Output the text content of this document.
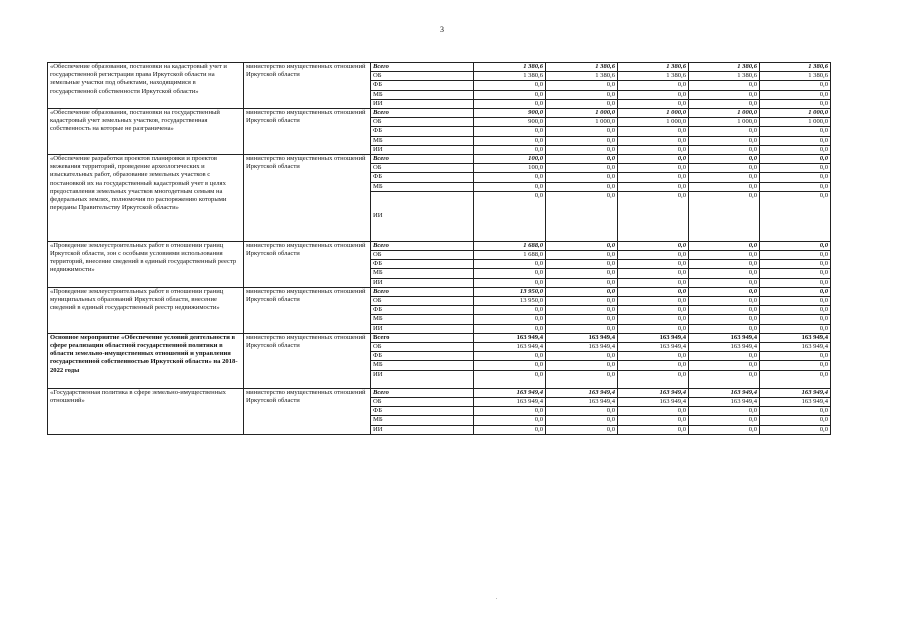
3
«Обеспечение образования, постановки на кадастровый учет и государственной регистрации права Иркутской области на земельные участки под объектами, находящимися в государственной собственности Иркутской области»	министерство имущественных отношений Иркутской области	Всего	1 380,6	1 380,6	1 380,6	1 380,6	1 380,6
		ОБ	1 380,6	1 380,6	1 380,6	1 380,6	1 380,6
		ФБ	0,0	0,0	0,0	0,0	0,0
		МБ	0,0	0,0	0,0	0,0	0,0
		ИИ	0,0	0,0	0,0	0,0	0,0
«Обеспечение образования, постановки на государственный кадастровый учет земельных участков, государственная собственность на которые не разграничена»	министерство имущественных отношений Иркутской области	Всего	900,0	1 000,0	1 000,0	1 000,0	1 000,0
		ОБ	900,0	1 000,0	1 000,0	1 000,0	1 000,0
		ФБ	0,0	0,0	0,0	0,0	0,0
		МБ	0,0	0,0	0,0	0,0	0,0
		ИИ	0,0	0,0	0,0	0,0	0,0
«Обеспечение разработки проектов планировки и проектов межевания территорий, проведение археологических и изыскательных работ, образование земельных участков с постановкой их на государственный кадастровый учет в целях предоставления земельных участков многодетным семьям на федеральных землях, полномочия по распоряжению которыми переданы Правительству Иркутской области»	министерство имущественных отношений Иркутской области	Всего	100,0	0,0	0,0	0,0	0,0
		ОБ	100,0	0,0	0,0	0,0	0,0
		ФБ	0,0	0,0	0,0	0,0	0,0
		МБ	0,0	0,0	0,0	0,0	0,0
		ИИ	0,0	0,0	0,0	0,0	0,0
«Проведение землеустроительных работ в отношении границ Иркутской области, зон с особыми условиями использования территорий, внесение сведений в единый государственный реестр недвижимости»	министерство имущественных отношений Иркутской области	Всего	1 688,0	0,0	0,0	0,0	0,0
		ОБ	1 688,0	0,0	0,0	0,0	0,0
		ФБ	0,0	0,0	0,0	0,0	0,0
		МБ	0,0	0,0	0,0	0,0	0,0
		ИИ	0,0	0,0	0,0	0,0	0,0
«Проведение землеустроительных работ в отношении границ муниципальных образований Иркутской области, внесение сведений в единый государственный реестр недвижимости»	министерство имущественных отношений Иркутской области	Всего	13 950,0	0,0	0,0	0,0	0,0
		ОБ	13 950,0	0,0	0,0	0,0	0,0
		ФБ	0,0	0,0	0,0	0,0	0,0
		МБ	0,0	0,0	0,0	0,0	0,0
		ИИ	0,0	0,0	0,0	0,0	0,0
Основное мероприятие «Обеспечение условий деятельности в сфере реализации областной государственной политики в области земельно-имущественных отношений и управления государственной собственностью Иркутской области» на 2018-2022 годы	министерство имущественных отношений Иркутской области	Всего	163 949,4	163 949,4	163 949,4	163 949,4	163 949,4
		ОБ	163 949,4	163 949,4	163 949,4	163 949,4	163 949,4
		ФБ	0,0	0,0	0,0	0,0	0,0
		МБ	0,0	0,0	0,0	0,0	0,0
		ИИ	0,0	0,0	0,0	0,0	0,0
«Государственная политика в сфере земельно-имущественных отношений»	министерство имущественных отношений Иркутской области	Всего	163 949,4	163 949,4	163 949,4	163 949,4	163 949,4
		ОБ	163 949,4	163 949,4	163 949,4	163 949,4	163 949,4
		ФБ	0,0	0,0	0,0	0,0	0,0
		МБ	0,0	0,0	0,0	0,0	0,0
		ИИ	0,0	0,0	0,0	0,0	0,0
